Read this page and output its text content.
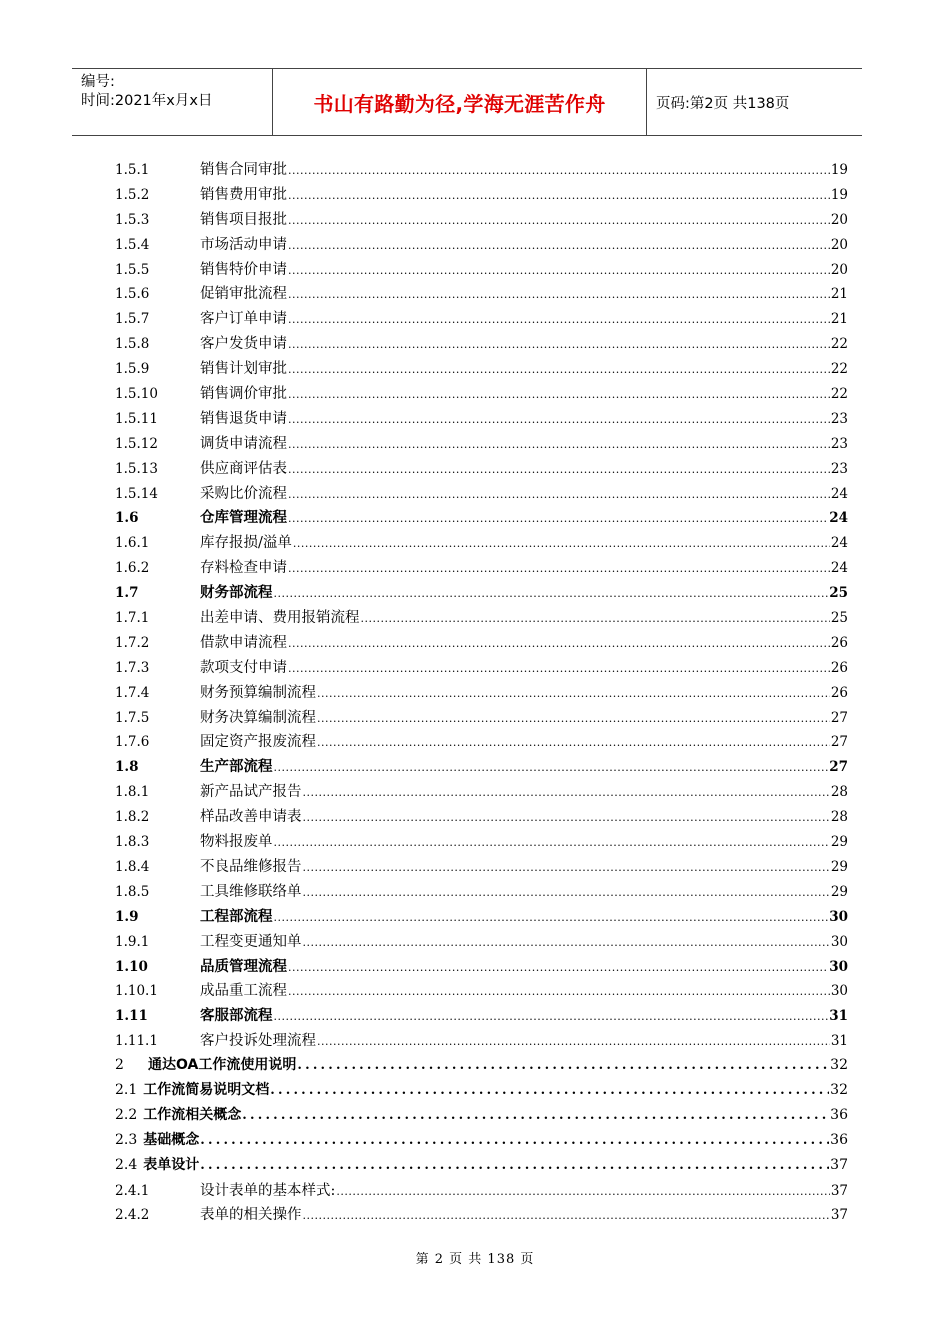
编号:
时间:2021年x月x日	书山有路勤为径,学海无涯苦作舟	页码:第2页 共138页
1.5.1	销售合同审批 .....	19
1.5.2	销售费用审批 .....	19
1.5.3	销售项目报批 .....	20
1.5.4	市场活动申请 .....	20
1.5.5	销售特价申请 .....	20
1.5.6	促销审批流程 .....	21
1.5.7	客户订单申请 .....	21
1.5.8	客户发货申请 .....	22
1.5.9	销售计划审批 .....	22
1.5.10	销售调价审批 .....	22
1.5.11	销售退货申请 .....	23
1.5.12	调货申请流程 .....	23
1.5.13	供应商评估表 .....	23
1.5.14	采购比价流程 .....	24
1.6	仓库管理流程 .....	24
1.6.1	库存报损/溢单 .....	24
1.6.2	存料检查申请 .....	24
1.7	财务部流程 .....	25
1.7.1	出差申请、费用报销流程 .....	25
1.7.2	借款申请流程 .....	26
1.7.3	款项支付申请 .....	26
1.7.4	财务预算编制流程 .....	26
1.7.5	财务决算编制流程 .....	27
1.7.6	固定资产报废流程 .....	27
1.8	生产部流程 .....	27
1.8.1	新产品试产报告 .....	28
1.8.2	样品改善申请表 .....	28
1.8.3	物料报废单 .....	29
1.8.4	不良品维修报告 .....	29
1.8.5	工具维修联络单 .....	29
1.9	工程部流程 .....	30
1.9.1	工程变更通知单 .....	30
1.10	品质管理流程 .....	30
1.10.1	成品重工流程 .....	30
1.11	客服部流程 .....	31
1.11.1	客户投诉处理流程 .....	31
2	通达OA工作流使用说明 .....	32
2.1 工作流简易说明文档 .....	32
2.2 工作流相关概念 .....	36
2.3 基础概念 .....	36
2.4 表单设计 .....	37
2.4.1	设计表单的基本样式: .....	37
2.4.2	表单的相关操作 .....	37
第 2 页 共 138 页
